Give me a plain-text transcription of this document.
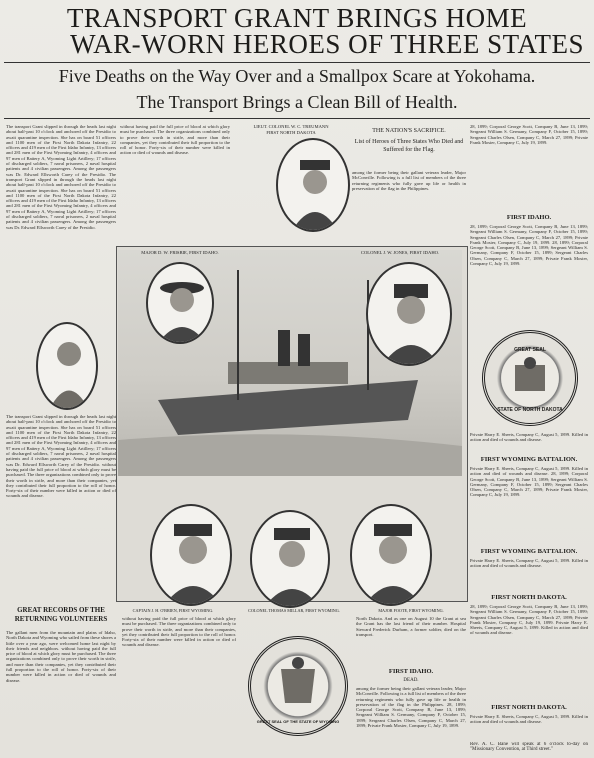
TRANSPORT GRANT BRINGS HOME
WAR-WORN HEROES OF THREE STATES
Five Deaths on the Way Over and a Smallpox Scare at Yokohama.
The Transport Brings a Clean Bill of Health.
The transport Grant slipped in through the heads last night about half-past 10 o'clock and anchored off the Presidio to await quarantine inspection. She has on board 51 officers and 1100 men of the First North Dakota Infantry, 22 officers and 419 men of the First Idaho Infantry, 13 officers and 281 men of the First Wyoming Infantry, 4 officers and 97 men of Battery A, Wyoming Light Artillery; 17 officers of discharged soldiers, 7 naval prisoners, 2 naval hospital patients and 4 civilian passengers. Among the passengers was Dr. Edward Ellsworth Carey of the Presidio. The transport Grant slipped in through the heads last night about half-past 10 o'clock and anchored off the Presidio to await quarantine inspection. She has on board 51 officers and 1100 men of the First North Dakota Infantry, 22 officers and 419 men of the First Idaho Infantry, 13 officers and 281 men of the First Wyoming Infantry, 4 officers and 97 men of Battery A, Wyoming Light Artillery; 17 officers of discharged soldiers, 7 naval prisoners, 2 naval hospital patients and 4 civilian passengers. Among the passengers was Dr. Edward Ellsworth Carey of the Presidio.
The transport Grant slipped in through the heads last night about half-past 10 o'clock and anchored off the Presidio to await quarantine inspection. She has on board 51 officers and 1100 men of the First North Dakota Infantry, 22 officers and 419 men of the First Idaho Infantry, 13 officers and 281 men of the First Wyoming Infantry, 4 officers and 97 men of Battery A, Wyoming Light Artillery; 17 officers of discharged soldiers, 7 naval prisoners, 2 naval hospital patients and 4 civilian passengers. Among the passengers was Dr. Edward Ellsworth Carey of the Presidio. without having paid the full price of blood at which glory must be purchased. The three organizations combined only to prove their worth in strife, and more than their companies, yet they contributed their full proportion to the roll of honor. Forty-six of their number were killed in action or died of wounds and disease.
GREAT RECORDS OF THE RETURNING VOLUNTEERS
The gallant men from the mountain and plains of Idaho, North Dakota and Wyoming who sailed from these shores a little over a year ago, were welcomed home last night by their friends and neighbors. without having paid the full price of blood at which glory must be purchased. The three organizations combined only to prove their worth in strife, and more than their companies, yet they contributed their full proportion to the roll of honor. Forty-six of their number were killed in action or died of wounds and disease.
without having paid the full price of blood at which glory must be purchased. The three organizations combined only to prove their worth in strife, and more than their companies, yet they contributed their full proportion to the roll of honor. Forty-six of their number were killed in action or died of wounds and disease.
LIEUT. COLONEL W. C. TREUMANN
FIRST NORTH DAKOTA	THE NATION'S SACRIFICE.
List of Heroes of Three States Who Died and Suffered for the Flag.
among the former being their gallant veteran leader, Major McConville. Following is a full list of members of the three returning regiments who fully gave up life or health in preservation of the flag in the Philippines.
28, 1899; Corporal George Scott, Company B, June 13, 1899; Sergeant William S. Germany, Company F, October 15, 1899; Sergeant Charles Olsen, Company C, March 27, 1899; Private Frank Mosier, Company C, July 19, 1899.
FIRST IDAHO.
28, 1899; Corporal George Scott, Company B, June 13, 1899; Sergeant William S. Germany, Company F, October 15, 1899; Sergeant Charles Olsen, Company C, March 27, 1899; Private Frank Mosier, Company C, July 19, 1899. 28, 1899; Corporal George Scott, Company B, June 13, 1899; Sergeant William S. Germany, Company F, October 15, 1899; Sergeant Charles Olsen, Company C, March 27, 1899; Private Frank Mosier, Company C, July 19, 1899.
GREAT SEAL
STATE OF NORTH DAKOTA
Private Harry E. Sheets, Company C, August 5, 1899. Killed in action and died of wounds and disease.
FIRST WYOMING BATTALION.
Private Harry E. Sheets, Company C, August 5, 1899. Killed in action and died of wounds and disease. 28, 1899; Corporal George Scott, Company B, June 13, 1899; Sergeant William S. Germany, Company F, October 15, 1899; Sergeant Charles Olsen, Company C, March 27, 1899; Private Frank Mosier, Company C, July 19, 1899.
FIRST WYOMING BATTALION.
Private Harry E. Sheets, Company C, August 5, 1899. Killed in action and died of wounds and disease.
FIRST NORTH DAKOTA.
28, 1899; Corporal George Scott, Company B, June 13, 1899; Sergeant William S. Germany, Company F, October 15, 1899; Sergeant Charles Olsen, Company C, March 27, 1899; Private Frank Mosier, Company C, July 19, 1899. Private Harry E. Sheets, Company C, August 5, 1899. Killed in action and died of wounds and disease.
FIRST NORTH DAKOTA.
Private Harry E. Sheets, Company C, August 5, 1899. Killed in action and died of wounds and disease.
Rev. A. C. Bane will speak at 6 o'clock to-day on "Missionary Convention, at Third street."
MAJOR D. W. FRISBIE, FIRST IDAHO.	COLONEL J. W. JONES, FIRST IDAHO.
CAPTAIN J. H. O'BRIEN, FIRST WYOMING.	COLONEL THOMAS MILLAR, FIRST WYOMING.	MAJOR FOOTE, FIRST WYOMING.
without having paid the full price of blood at which glory must be purchased. The three organizations combined only to prove their worth in strife, and more than their companies, yet they contributed their full proportion to the roll of honor. Forty-six of their number were killed in action or died of wounds and disease.
GREAT SEAL OF THE STATE OF WYOMING
North Dakota. And as one on August 10 the Grant at sea the Grant has the last friend of their number. Hospital Steward Frederick Durham, a former soldier, died on the transport.
FIRST IDAHO.
DEAD.
among the former being their gallant veteran leader, Major McConville. Following is a full list of members of the three returning regiments who fully gave up life or health in preservation of the flag in the Philippines. 28, 1899; Corporal George Scott, Company B, June 13, 1899; Sergeant William S. Germany, Company F, October 15, 1899; Sergeant Charles Olsen, Company C, March 27, 1899; Private Frank Mosier, Company C, July 19, 1899.
